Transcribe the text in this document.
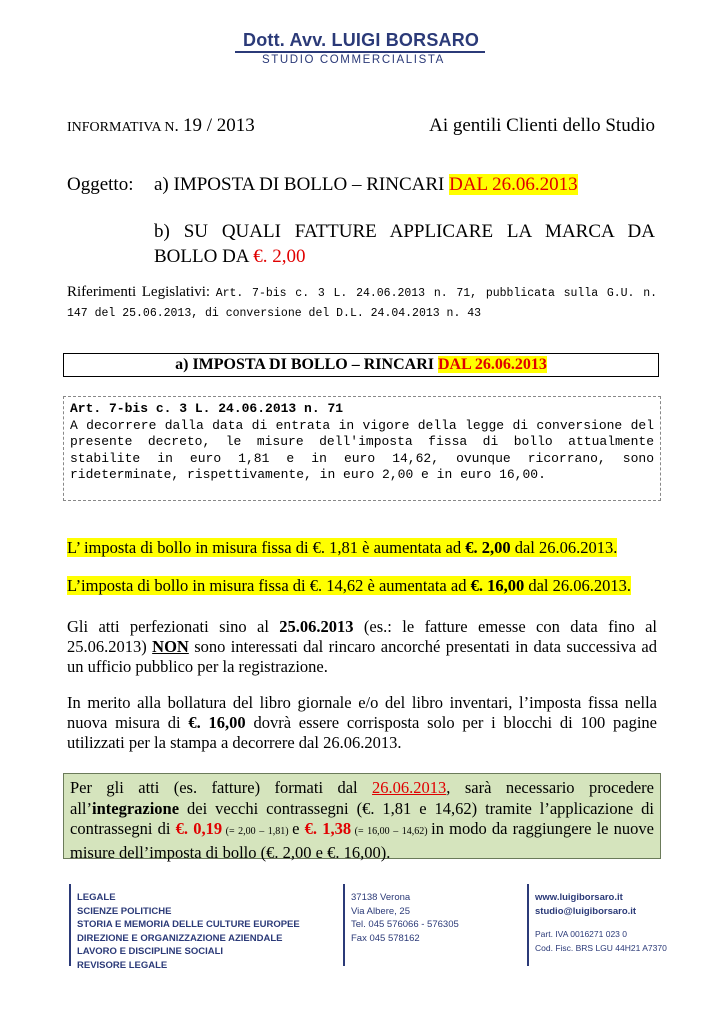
Dott. Avv. LUIGI BORSARO
STUDIO COMMERCIALISTA
INFORMATIVA N. 19 / 2013	Ai gentili Clienti dello Studio
Oggetto: a) IMPOSTA DI BOLLO – RINCARI DAL 26.06.2013
b) SU QUALI FATTURE APPLICARE LA MARCA DA BOLLO DA €. 2,00
Riferimenti Legislativi: Art. 7-bis c. 3 L. 24.06.2013 n. 71, pubblicata sulla G.U. n. 147 del 25.06.2013, di conversione del D.L. 24.04.2013 n. 43
a) IMPOSTA DI BOLLO – RINCARI DAL 26.06.2013
Art. 7-bis c. 3 L. 24.06.2013 n. 71
A decorrere dalla data di entrata in vigore della legge di conversione del presente decreto, le misure dell'imposta fissa di bollo attualmente stabilite in euro 1,81 e in euro 14,62, ovunque ricorrano, sono rideterminate, rispettivamente, in euro 2,00 e in euro 16,00.
L’ imposta di bollo in misura fissa di €. 1,81 è aumentata ad €. 2,00 dal 26.06.2013.
L’imposta di bollo in misura fissa di €. 14,62 è aumentata ad €. 16,00 dal 26.06.2013.
Gli atti perfezionati sino al 25.06.2013 (es.: le fatture emesse con data fino al 25.06.2013) NON sono interessati dal rincaro ancorché presentati in data successiva ad un ufficio pubblico per la registrazione.
In merito alla bollatura del libro giornale e/o del libro inventari, l’imposta fissa nella nuova misura di €. 16,00 dovrà essere corrisposta solo per i blocchi di 100 pagine utilizzati per la stampa a decorrere dal 26.06.2013.
Per gli atti (es. fatture) formati dal 26.06.2013, sarà necessario procedere all’integrazione dei vecchi contrassegni (€. 1,81 e 14,62) tramite l’applicazione di contrassegni di €. 0,19 (= 2,00 – 1,81) e €. 1,38 (= 16,00 – 14,62) in modo da raggiungere le nuove misure dell’imposta di bollo (€. 2,00 e €. 16,00).
LEGALE
SCIENZE POLITICHE
STORIA E MEMORIA DELLE CULTURE EUROPEE
DIREZIONE E ORGANIZZAZIONE AZIENDALE
LAVORO E DISCIPLINE SOCIALI
REVISORE LEGALE
37138 Verona
Via Albere, 25
Tel. 045 576066 - 576305
Fax 045 578162
www.luigiborsaro.it
studio@luigiborsaro.it
Part. IVA 0016271 023 0
Cod. Fisc. BRS LGU 44H21 A7370
